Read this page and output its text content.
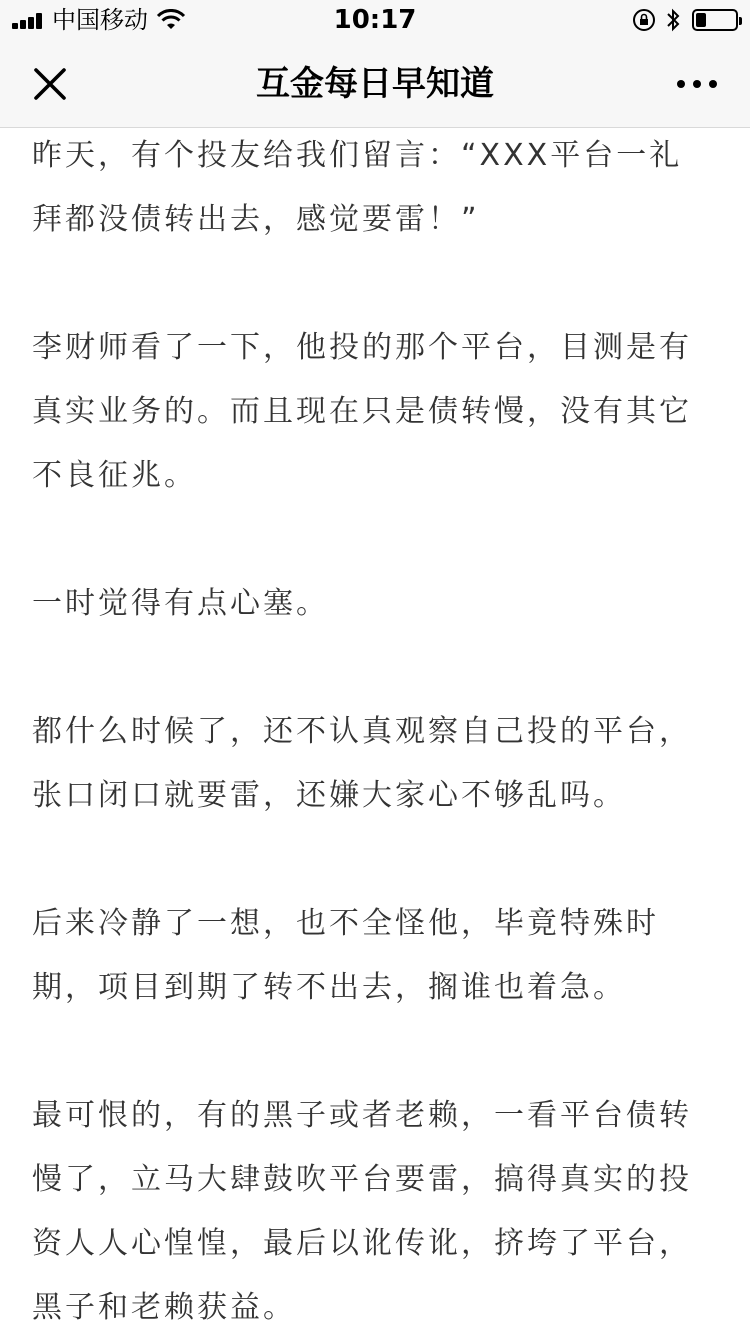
中国移动	10:17
互金每日早知道

昨天，有个投友给我们留言：“XXX平台一礼
拜都没债转出去，感觉要雷！”

李财师看了一下，他投的那个平台，目测是有
真实业务的。而且现在只是债转慢，没有其它
不良征兆。

一时觉得有点心塞。

都什么时候了，还不认真观察自己投的平台，
张口闭口就要雷，还嫌大家心不够乱吗。

后来冷静了一想，也不全怪他，毕竟特殊时
期，项目到期了转不出去，搁谁也着急。

最可恨的，有的黑子或者老赖，一看平台债转
慢了，立马大肆鼓吹平台要雷，搞得真实的投
资人人心惶惶，最后以讹传讹，挤垮了平台，
黑子和老赖获益。
